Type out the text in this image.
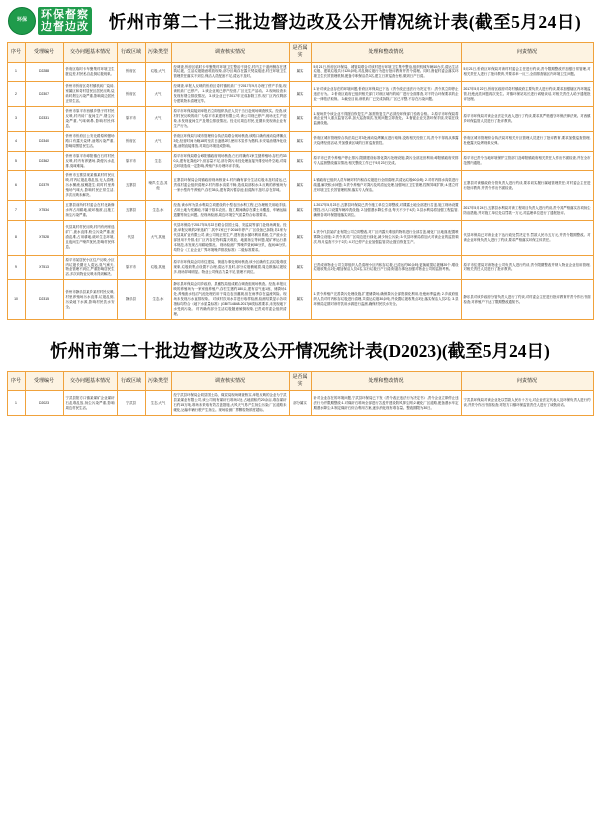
环保	环保督察
边督边改	忻州市第二十三批边督边改及公开情况统计表(截至5月24日)
序号	受理编号	交办问题基本情况	行政区域	污染类型	调查核实情况	是否属实	处理和整改情况	问责情况
1	D2288	忻府区临时卡车聚集村环境卫生脏乱差,村民私自乱倒垃圾现象。	忻府区	垃圾,大气	经调查,忻府区临时卡车聚集村环境卫生整治不到位,村内主干道两侧存在建筑垃圾、生活垃圾随意堆放现象,部分区域存在露天焚烧痕迹,村庄环境卫生管理责任落实不到位,保洁人员配备不足,清运不及时。	属实	5月21日,忻府区环保局、城管局联合对该村进行环境卫生集中整治,组织机械车辆10台次,清运生活垃圾、建筑垃圾共计120余吨,对乱倒垃圾行为进行批评教育并责令清理。同时,督促村委会落实环境卫生长效管理机制,配备专职保洁员3名,建立日常巡查台账,做到日产日清。	5月21日,忻府区环保局对该村村委会主任进行约谈,责令限期整改并加强日常管理,对相关责任人进行了批评教育,并要求举一反三,全面排查辖区内环境卫生问题。
2	D2307	忻州市忻府区奇村镇机砖厂烧砖,家属区和奇村居民区居民反映,烧砖时烟尘污染严重,影响周边居民正常生活。	忻府区	大气	经调查,举报人反映的忻府区奇村镇机砖厂于2017年9月办理了停产手续,现该机砖厂已停产。 1.该企业现已停产经营,厂区无生产活动。 2.现场检查未发现有烟尘排放情况。 3.该企业已于2017年完成拆除工作,现厂区内仅剩部分建筑物未清理完毕。	属实	1.针对该企业存在的环境问题,忻府区环保局已下达《责令改正违法行为决定书》,责令其立即停止违法行为。 2.忻府区政府已组织相关部门对该区域内的砖厂进行全面排查,对不符合环保要求的企业一律依法取缔。 3.截至目前,该机砖厂已完成拆除,厂区已平整,不存在污染问题。	2017年5月22日,忻府区政府对奇村镇政府主要负责人进行约谈,要求加强辖区内环境监管,杜绝此类问题再次发生。对镇环保站站长进行诫勉谈话,对相关责任人给予通报批评处理。
3	D2331	忻州市原平市西镇乡堡子村村民反映,村内砖厂夜间生产,烟尘污染严重,气味刺鼻,影响村民休息。	原平市	大气	原平市环保局接到举报后立即组织执法人员于当日赴现场调查核实。经查,该村村民反映的砖厂为原平市某建材有限公司,该公司现已停产,现场无生产迹象,未发现夜间生产及烟尘排放情况。经走访周边村民,近期未发现该企业有生产行为。	属实	1.现场责令该企业不得擅自恢复生产,如需恢复生产必须经环保部门验收合格。 2.原平市环保局将该企业列入重点监管名单,加大巡查频次,发现问题立即查处。 3.督促企业完善环保手续,安装在线监测设施。	原平市环保局对该企业法定代表人进行了约谈,要求其严格遵守环保法律法规。对西镇乡环保监管人员进行了批评教育。
4	D2340	忻州市忻府区公安北路原种猪场路口有露天烧烤,油烟污染严重,影响周围居民生活。	忻府区	大气	忻府区环保局与城市管理综合执法局联合现场核查,该路口确有流动烧烤摊点3处,经营时间为晚18时至次日凌晨2时,使用木炭作为燃料,未安装油烟净化设施,油烟直接排放,对周边环境造成影响。	属实	忻府区城市管理综合执法局已对3处流动烧烤摊点进行取缔,没收相关经营工具,责令不得再从事露天烧烤经营活动,并加强该区域的日常巡查管控。	忻府区城市管理综合执法局对相关片区管理人员进行了批评教育,要求加强巡查管理,杜绝露天烧烤现象反弹。
5	D2362	忻州市原平市崞阳镇白石村村民反映,村内有养猪场,粪便污水乱排,臭味难闻。	原平市	生态	原平市环保局联合崞阳镇政府现场核查,白石村确有1家生猪养殖场,存栏约330头,建有化粪池2个,但容量不足,部分粪污未经处理直接外排至场外空地,对周边环境造成一定影响,养殖户未办理环评手续。	属实	原平市已责令养殖户停止排污,限期建设标准化粪污处理设施,粪污全部还田利用;崞阳镇政府安排专人监督整改落实情况;相关整改工作已于5月23日完成。	原平市已责令当地环境保护主管部门及崞阳镇政府相关责任人作出书面检查,并在全市范围内通报。
6	D2379	忻州市五寨县现某镇某村村民反映,村内垃圾乱堆乱放,无人清理,污水横流,蚊蝇滋生;同时村里养殖场气味大,影响村民正常生活,多次反映未解决。	五寨县	噪声,生态,其他	五寨县环保局会同镇政府现场核查:1.村内确有部分生活垃圾未及时清运,已责成村委会组织清理;2.村内排水沟渠不畅,造成局部积水;3.反映的养殖场为一家小型肉牛养殖户,存栏35头,建有粪污暂存池,但清掏不及时,存在异味。	属实	1.镇政府已组织人员车辆对村内积存垃圾进行全面清理,共清运垃圾60余吨; 2.对村内排水沟渠进行疏通,解决积水问题; 3.责令养殖户对粪污及时清运处理,加强场区卫生管理,控制异味扩散; 4.建立村庄环境卫生长效管理机制,落实专人保洁。	五寨县对该镇政府分管负责人进行约谈,要求切实履行属地管理责任;对村委会主任进行批评教育,并责令作出书面检查。
7	X7534	五寨县前所村村委会在村北新修水库占用耕地,破坏植被,且施工扬尘污染严重。	五寨县	生态,水	经查,该水库为县水利局立项建设的小型农田水利工程,已办理相关用地手续,占用土地为荒滩地,不属于基本农田。施工期间确存在裸土未覆盖、车辆运输遗撒等扬尘问题。经现场检测,周边环境空气质量符合标准要求。	属实	1.2017年5月23日,五寨县环保局已责令施工单位立即整改,对裸露土地全部进行苫盖,施工现场设置围挡,出入口设置车辆冲洗设施; 2.加强洒水降尘作业,每天不少于4次; 3.县水利局将加强工程监管,确保各项环保措施落实到位。	2017年5月24日,五寨县水利局对该工程项目负责人进行约谈,责令其严格落实各项扬尘防治措施,并对施工单位处以罚款一万元,对监理单位进行了通报批评。
8	X7528	代县某村村民反映,村内有两家选矿厂,废水直排,粉尘污染严重,废渣乱堆,占用耕地,破坏生态环境,且夜间生产噪声扰民,影响村民休息。	代县	大气,其他	代县环保局于2017年5月22日联合县国土局、安监局等部门赴现场调查。经查,举报反映的2家选矿厂,其中1家已于2016年停产,厂区设备已拆除;另1家为代县某矿业有限公司,该公司现正常生产,建有废水循环利用系统,生产废水全部回用不外排,但厂区内存在物料露天堆放、地面扬尘等问题,尾矿库运行基本规范,未发现占用耕地情况。 现场检测厂界噪声昼间58分贝、夜间46分贝,均符合《工业企业厂界环境噪声排放标准》二级标准要求。	属实	1.责令代县某矿业有限公司立即整改,对厂区内露天堆放的物料进行全部苫盖,硬化厂区地面,配置喷雾降尘设施; 2.责令其对厂区周边进行绿化,减少扬尘污染; 3.代县环保局将加大对该企业的监管频次,每月巡查不少于2次; 4.对已停产企业加强监管,防止擅自恢复生产。	代县环保局已对该企业下达行政处罚决定书,罚款人民币五万元,并责令限期整改。对该企业环保负责人进行了约谈,要求严格落实环保主体责任。
9	X7513	原平市某居民小区住户反映,小区内垃圾长期无人清运,臭气熏天,物业管理不到位,严重影响居民生活,多次向物业反映未得到解决。	原平市	垃圾,其他	原平市环保局会同市住建局、街道办事处现场核查,该小区确有生活垃圾堆放现象,垃圾收集点设置不合理,清运不及时,部分垃圾桶破损,周边散落垃圾较多,现场异味明显。物业公司保洁力量不足,管理不到位。	属实	已责成该物业公司立即组织人员清理小区内积存垃圾,已清运约50余吨;更换破损垃圾桶20个,增设垃圾收集点2处;增加保洁人员4名,实行垃圾日产日清;街道办事处加强对物业公司的监督考核。	原平市住建局对该物业公司负责人进行约谈,责令限期整改并纳入物业企业信用管理,对相关责任人员进行了批评教育。
10	D2315	忻州市静乐县某乡某村村民反映,村里养殖场污水直排,垃圾乱倒,污染地下水源,影响村民饮水安全。	静乐县	生态,水	静乐县环保局会同乡政府、县畜牧局组成联合调查组现场核查。经查,举报反映的养殖场为一家家庭养殖户,存栏生猪约180头,建有沼气池1座、储粪场1处,养殖废水经沼气池处理后用于周边农田灌溉,但在雨季存在溢流风险。现场未发现污水直排现象。 对该村饮用水井进行取样检测,检测结果显示各项指标均符合《地下水质量标准》(GB/T14848-2017)Ⅲ类标准要求,未发现地下水受到污染。 村内确有部分生活垃圾随意倾倒现象,已责成村委会组织清理。	属实	1.责令养殖户完善粪污处理设施,扩建储粪场,确保粪污全部资源化利用,杜绝雨季溢流; 2.乡政府组织人员对村内积存垃圾进行清理,共清运垃圾30余吨,并设置垃圾收集点3处,落实保洁人员2名; 3.县环保局定期对该村饮用水源进行监测,确保村民饮水安全。	静乐县对该乡政府分管负责人进行了约谈,对村委会主任进行批评教育并责令作出书面检查;对养殖户下达了限期整改通知书。
忻州市第二十批边督边改及公开情况统计表(D2023)(截至5月24日)
序号	受理编号	交办问题基本情况	行政区域	污染类型	调查核实情况	是否属实	处理和整改情况	问责情况
1	D2023	宁武县阳方口镇某煤矿企业煤矸石乱堆乱放,扬尘污染严重,影响周边村民生活。	宁武县	生态,大气	经宁武县环保局会同县国土局、煤炭局现场调查核实,举报反映的企业为宁武县某煤业有限公司,该公司现有煤矸石堆场1处,占地面积约20余亩,堆存煤矸石约15万吨,堆场未采取有效苫盖措施,大风天气易产生扬尘污染;厂区道路未硬化,运输车辆行驶产生扬尘。现场检测厂界颗粒物浓度超标。	部分属实	针对企业存在的环境问题,宁武县环保局已下发《责令改正违法行为决定书》,责令企业立即停止违法行为并限期整改:1.对煤矸石堆场全部进行苫盖并建设防风抑尘网;2.硬化厂区道路,配备洒水车定期洒水降尘;3.制定煤矸石综合利用方案,逐步消化现有堆存量。整改期限为30日。	宁武县环保局对该企业处以罚款人民币十万元,对企业法定代表人及环保负责人进行约谈,并责令作出书面检查;对阳方口镇环保监管责任人进行了诫勉谈话。
